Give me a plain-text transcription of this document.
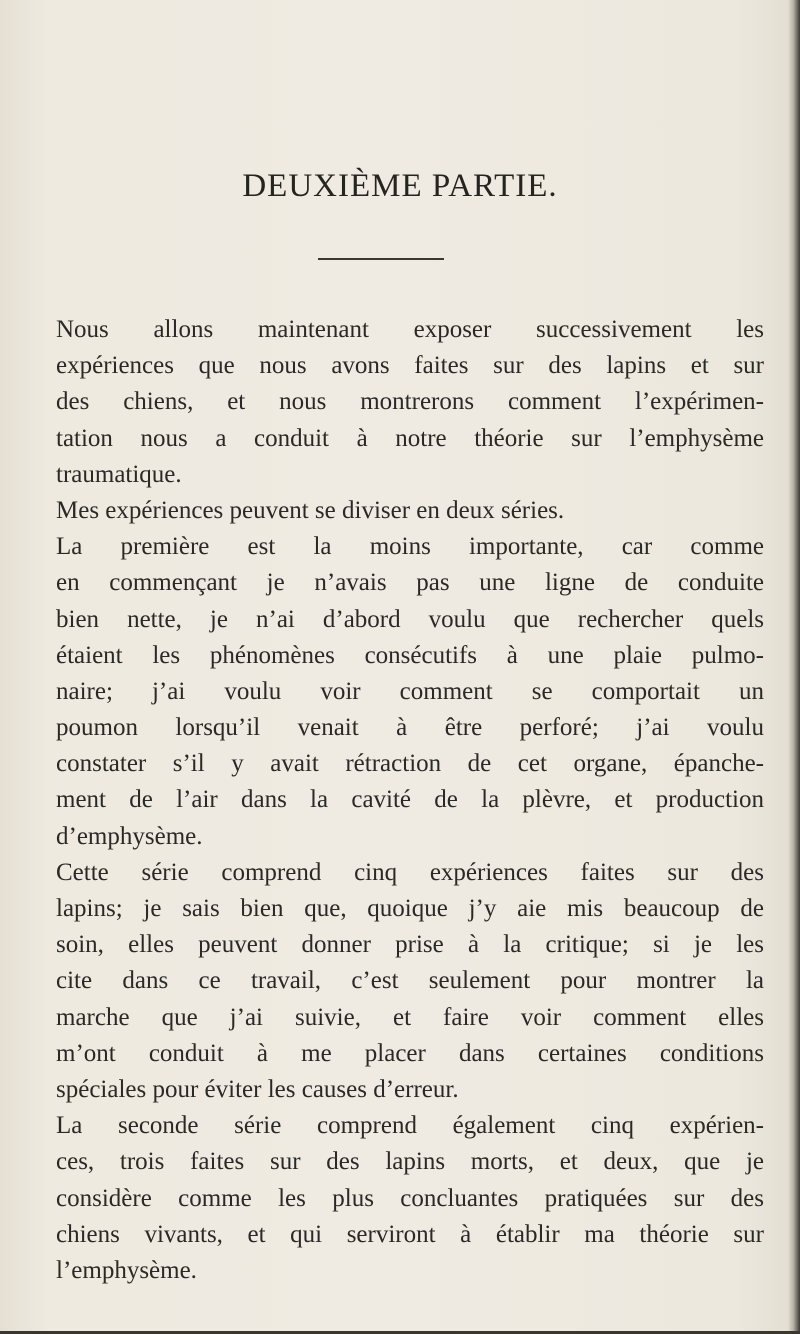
DEUXIÈME PARTIE.
Nous allons maintenant exposer successivement les
expériences que nous avons faites sur des lapins et sur
des chiens, et nous montrerons comment l’expérimen-
tation nous a conduit à notre théorie sur l’emphysème
traumatique.
Mes expériences peuvent se diviser en deux séries.
La première est la moins importante, car comme
en commençant je n’avais pas une ligne de conduite
bien nette, je n’ai d’abord voulu que rechercher quels
étaient les phénomènes consécutifs à une plaie pulmo-
naire; j’ai voulu voir comment se comportait un
poumon lorsqu’il venait à être perforé; j’ai voulu
constater s’il y avait rétraction de cet organe, épanche-
ment de l’air dans la cavité de la plèvre, et production
d’emphysème.
Cette série comprend cinq expériences faites sur des
lapins; je sais bien que, quoique j’y aie mis beaucoup de
soin, elles peuvent donner prise à la critique; si je les
cite dans ce travail, c’est seulement pour montrer la
marche que j’ai suivie, et faire voir comment elles
m’ont conduit à me placer dans certaines conditions
spéciales pour éviter les causes d’erreur.
La seconde série comprend également cinq expérien-
ces, trois faites sur des lapins morts, et deux, que je
considère comme les plus concluantes pratiquées sur des
chiens vivants, et qui serviront à établir ma théorie sur
l’emphysème.
